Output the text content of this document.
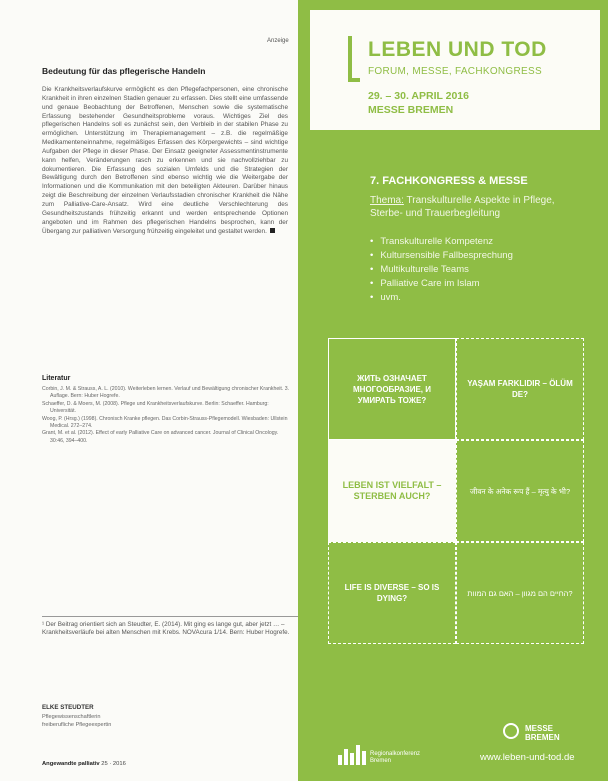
Anzeige
Bedeutung für das pflegerische Handeln
Die Krankheitsverlaufskurve ermöglicht es den Pflegefachpersonen, eine chronische Krankheit in ihren einzelnen Stadien genauer zu erfassen. Dies stellt eine umfassende und genaue Beobachtung der Betroffenen, Menschen sowie die systematische Erfassung bestehender Gesundheitsprobleme voraus. Wichtiges Ziel des pflegerischen Handelns soll es zunächst sein, den Verbleib in der stabilen Phase zu ermöglichen. Unterstützung im Therapiemanagement – z.B. die regelmäßige Medikamenteneinnahme, regelmäßiges Erfassen des Körpergewichts – sind wichtige Aufgaben der Pflege in dieser Phase. Der Einsatz geeigneter Assessmentinstrumente kann helfen, Veränderungen rasch zu erkennen und sie nachvollziehbar zu dokumentieren. Die Erfassung des sozialen Umfelds und die Strategien der Bewältigung durch den Betroffenen sind ebenso wichtig wie die Weitergabe der Informationen und die Kommunikation mit den beteiligten Akteuren. Darüber hinaus zeigt die Beschreibung der einzelnen Verlaufsstadien chronischer Krankheit die Nähe zum Palliative-Care-Ansatz. Wird eine deutliche Verschlechterung des Gesundheitszustands frühzeitig erkannt und werden entsprechende Optionen angeboten und im Rahmen des pflegerischen Handelns besprochen, kann der Übergang zur palliativen Versorgung frühzeitig eingeleitet und gestaltet werden.
Literatur
Corbin, J. M. & Strauss, A. L. (2010). Weiterleben lernen. Verlauf und Bewältigung chronischer Krankheit. 3. Auflage. Bern: Huber Hogrefe.
Schaeffer, D. & Moers, M. (2008). Pflege und Krankheitsverlaufskurve. Berlin: Schaeffer. Hamburg: Universität.
Woog, P. (Hrsg.) (1998). Chronisch Kranke pflegen. Das Corbin-Strauss-Pflegemodell. Wiesbaden: Ullstein Medical. 272–274.
Grant, M. et al. (2012). Effect of early Palliative Care on advanced cancer. Journal of Clinical Oncology. 30:46, 394–400.
¹ Der Beitrag orientiert sich an Steudter, E. (2014). Mit ging es lange gut, aber jetzt … – Krankheitsverläufe bei alten Menschen mit Krebs. NOVAcura 1/14. Bern: Huber Hogrefe.
ELKE STEUDTER
Pflegewissenschaftlerin
freiberufliche Pflegeexpertin
Angewandte palliativ 25 · 2016
LEBEN UND TOD
FORUM, MESSE, FACHKONGRESS
29. – 30. APRIL 2016
MESSE BREMEN
7. FACHKONGRESS & MESSE
Thema: Transkulturelle Aspekte in Pflege, Sterbe- und Trauerbegleitung
• Transkulturelle Kompetenz
• Kultursensible Fallbesprechung
• Multikulturelle Teams
• Palliative Care im Islam
• uvm.
ЖИТЬ ОЗНАЧАЕТ МНОГООБРАЗИЕ, И УМИРАТЬ ТОЖЕ?
YAŞAM FARKLIDIR – ÖLÜM DE?
LEBEN IST VIELFALT – STERBEN AUCH?	जीवन के अनेक रूप हैं – मृत्यु के भी?
LIFE IS DIVERSE – SO IS DYING?
החיים הם מגוון – האם גם המוות?
Regionalkonferenz Bremen
MESSE BREMEN
www.leben-und-tod.de
